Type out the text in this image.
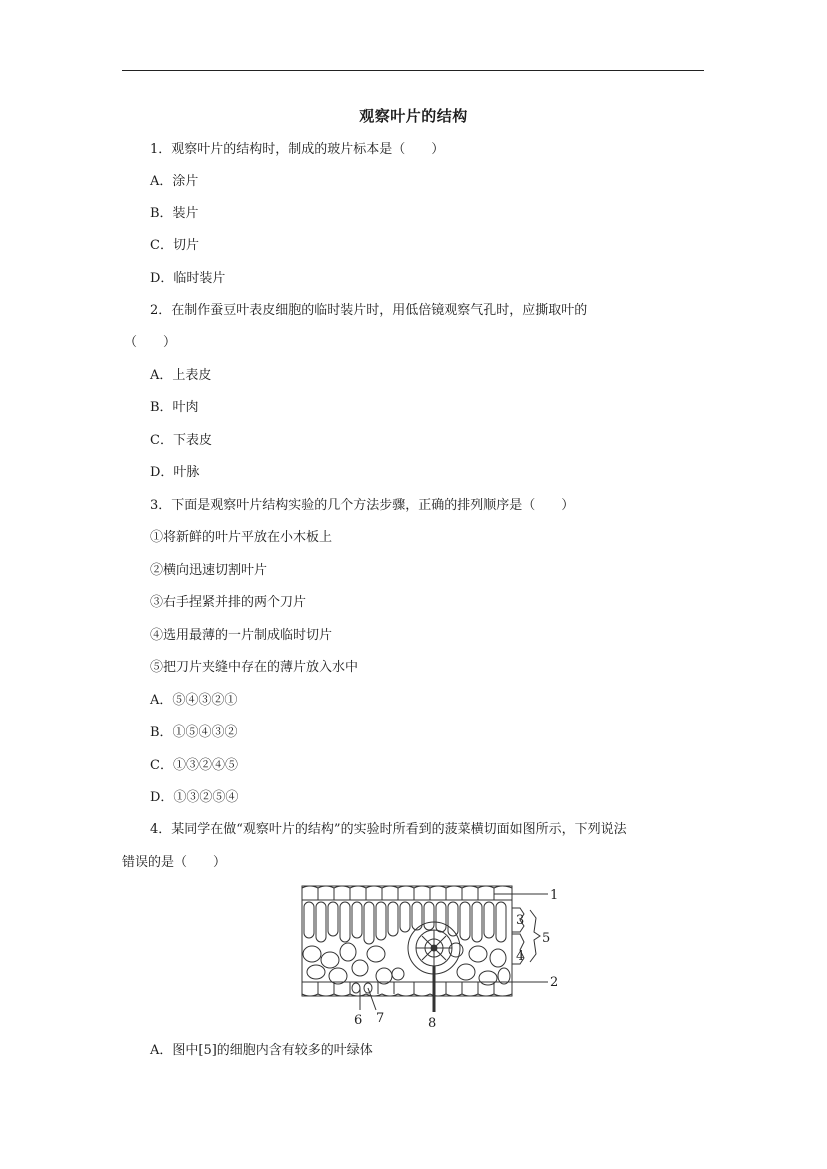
观察叶片的结构
1．观察叶片的结构时，制成的玻片标本是（　　）
A．涂片
B．装片
C．切片
D．临时装片
2．在制作蚕豆叶表皮细胞的临时装片时，用低倍镜观察气孔时，应撕取叶的
（　　）
A．上表皮
B．叶肉
C．下表皮
D．叶脉
3．下面是观察叶片结构实验的几个方法步骤，正确的排列顺序是（　　）
①将新鲜的叶片平放在小木板上
②横向迅速切割叶片
③右手捏紧并排的两个刀片
④选用最薄的一片制成临时切片
⑤把刀片夹缝中存在的薄片放入水中
A．⑤④③②①
B．①⑤④③②
C．①③②④⑤
D．①③②⑤④
4．某同学在做“观察叶片的结构”的实验时所看到的菠菜横切面如图所示，下列说法
错误的是（　　）
1
2
3
4
5
6 7	8
A．图中[5]的细胞内含有较多的叶绿体
